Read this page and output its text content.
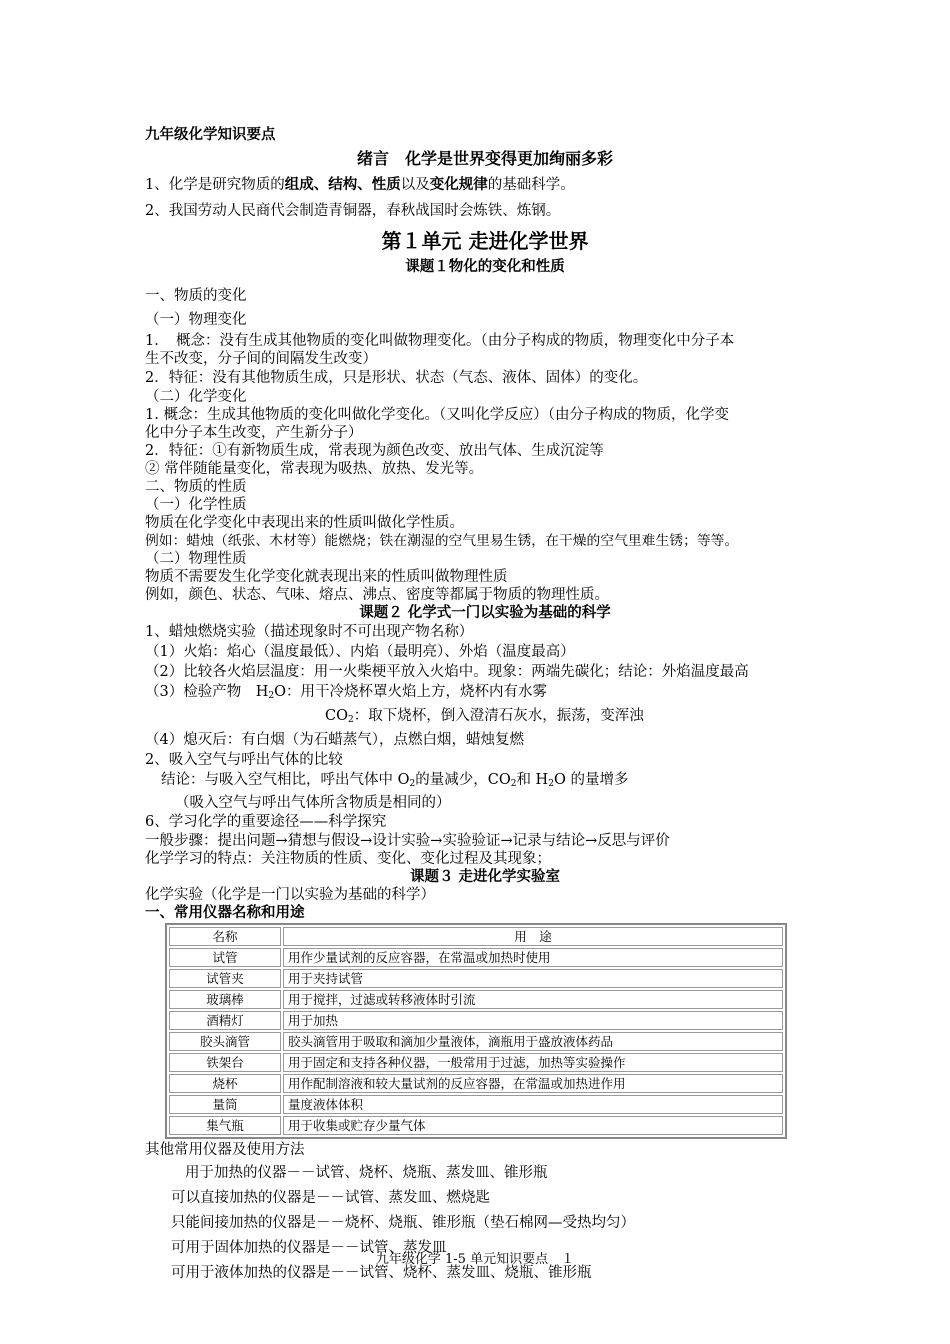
九年级化学知识要点
绪言　化学是世界变得更加绚丽多彩
1、化学是研究物质的组成、结构、性质以及变化规律的基础科学。
2、我国劳动人民商代会制造青铜器，春秋战国时会炼铁、炼钢。
第１单元 走进化学世界
课题１物化的变化和性质
一、物质的变化
（一）物理变化
1．　概念：没有生成其他物质的变化叫做物理变化。（由分子构成的物质，物理变化中分子本
生不改变，分子间的间隔发生改变）
2．特征：没有其他物质生成，只是形状、状态（气态、液体、固体）的变化。
（二）化学变化
1. 概念：生成其他物质的变化叫做化学变化。（又叫化学反应）（由分子构成的物质，化学变
化中分子本生改变，产生新分子）
2．特征：①有新物质生成，常表现为颜色改变、放出气体、生成沉淀等
② 常伴随能量变化，常表现为吸热、放热、发光等。
二、物质的性质
（一）化学性质
物质在化学变化中表现出来的性质叫做化学性质。
例如：蜡烛（纸张、木材等）能燃烧；铁在潮湿的空气里易生锈，在干燥的空气里难生锈；等等。
（二）物理性质
物质不需要发生化学变化就表现出来的性质叫做物理性质
例如，颜色、状态、气味、熔点、沸点、密度等都属于物质的物理性质。
课题２ 化学式一门以实验为基础的科学
1、蜡烛燃烧实验（描述现象时不可出现产物名称）
（1）火焰：焰心（温度最低）、内焰（最明亮）、外焰（温度最高）
（2）比较各火焰层温度：用一火柴梗平放入火焰中。现象：两端先碳化；结论：外焰温度最高
（3）检验产物　$H_2O$：用干冷烧杯罩火焰上方，烧杯内有水雾
$CO_2$：取下烧杯，倒入澄清石灰水，振荡，变浑浊
（4）熄灭后：有白烟（为石蜡蒸气），点燃白烟，蜡烛复燃
2、吸入空气与呼出气体的比较
结论：与吸入空气相比，呼出气体中 $O_2$的量减少，$CO_2$和 $H_2O$ 的量增多
（吸入空气与呼出气体所含物质是相同的）
6、学习化学的重要途径——科学探究
一般步骤：提出问题→猜想与假设→设计实验→实验验证→记录与结论→反思与评价
化学学习的特点：关注物质的性质、变化、变化过程及其现象；
课题３ 走进化学实验室
化学实验（化学是一门以实验为基础的科学）
一、常用仪器名称和用途
名称	用　途
试管	用作少量试剂的反应容器，在常温或加热时使用
试管夹	用于夹持试管
玻璃棒	用于搅拌，过滤或转移液体时引流
酒精灯	用于加热
胶头滴管	胶头滴管用于吸取和滴加少量液体，滴瓶用于盛放液体药品
铁架台	用于固定和支持各种仪器，一般常用于过滤，加热等实验操作
烧杯	用作配制溶液和较大量试剂的反应容器，在常温或加热进作用
量筒	量度液体体积
集气瓶	用于收集或贮存少量气体
其他常用仪器及使用方法
用于加热的仪器－－试管、烧杯、烧瓶、蒸发皿、锥形瓶
可以直接加热的仪器是－－试管、蒸发皿、燃烧匙
只能间接加热的仪器是－－烧杯、烧瓶、锥形瓶（垫石棉网—受热均匀）
可用于固体加热的仪器是－－试管、蒸发皿
可用于液体加热的仪器是－－试管、烧杯、蒸发皿、烧瓶、锥形瓶
九年级化学 1-5 单元知识要点　１
